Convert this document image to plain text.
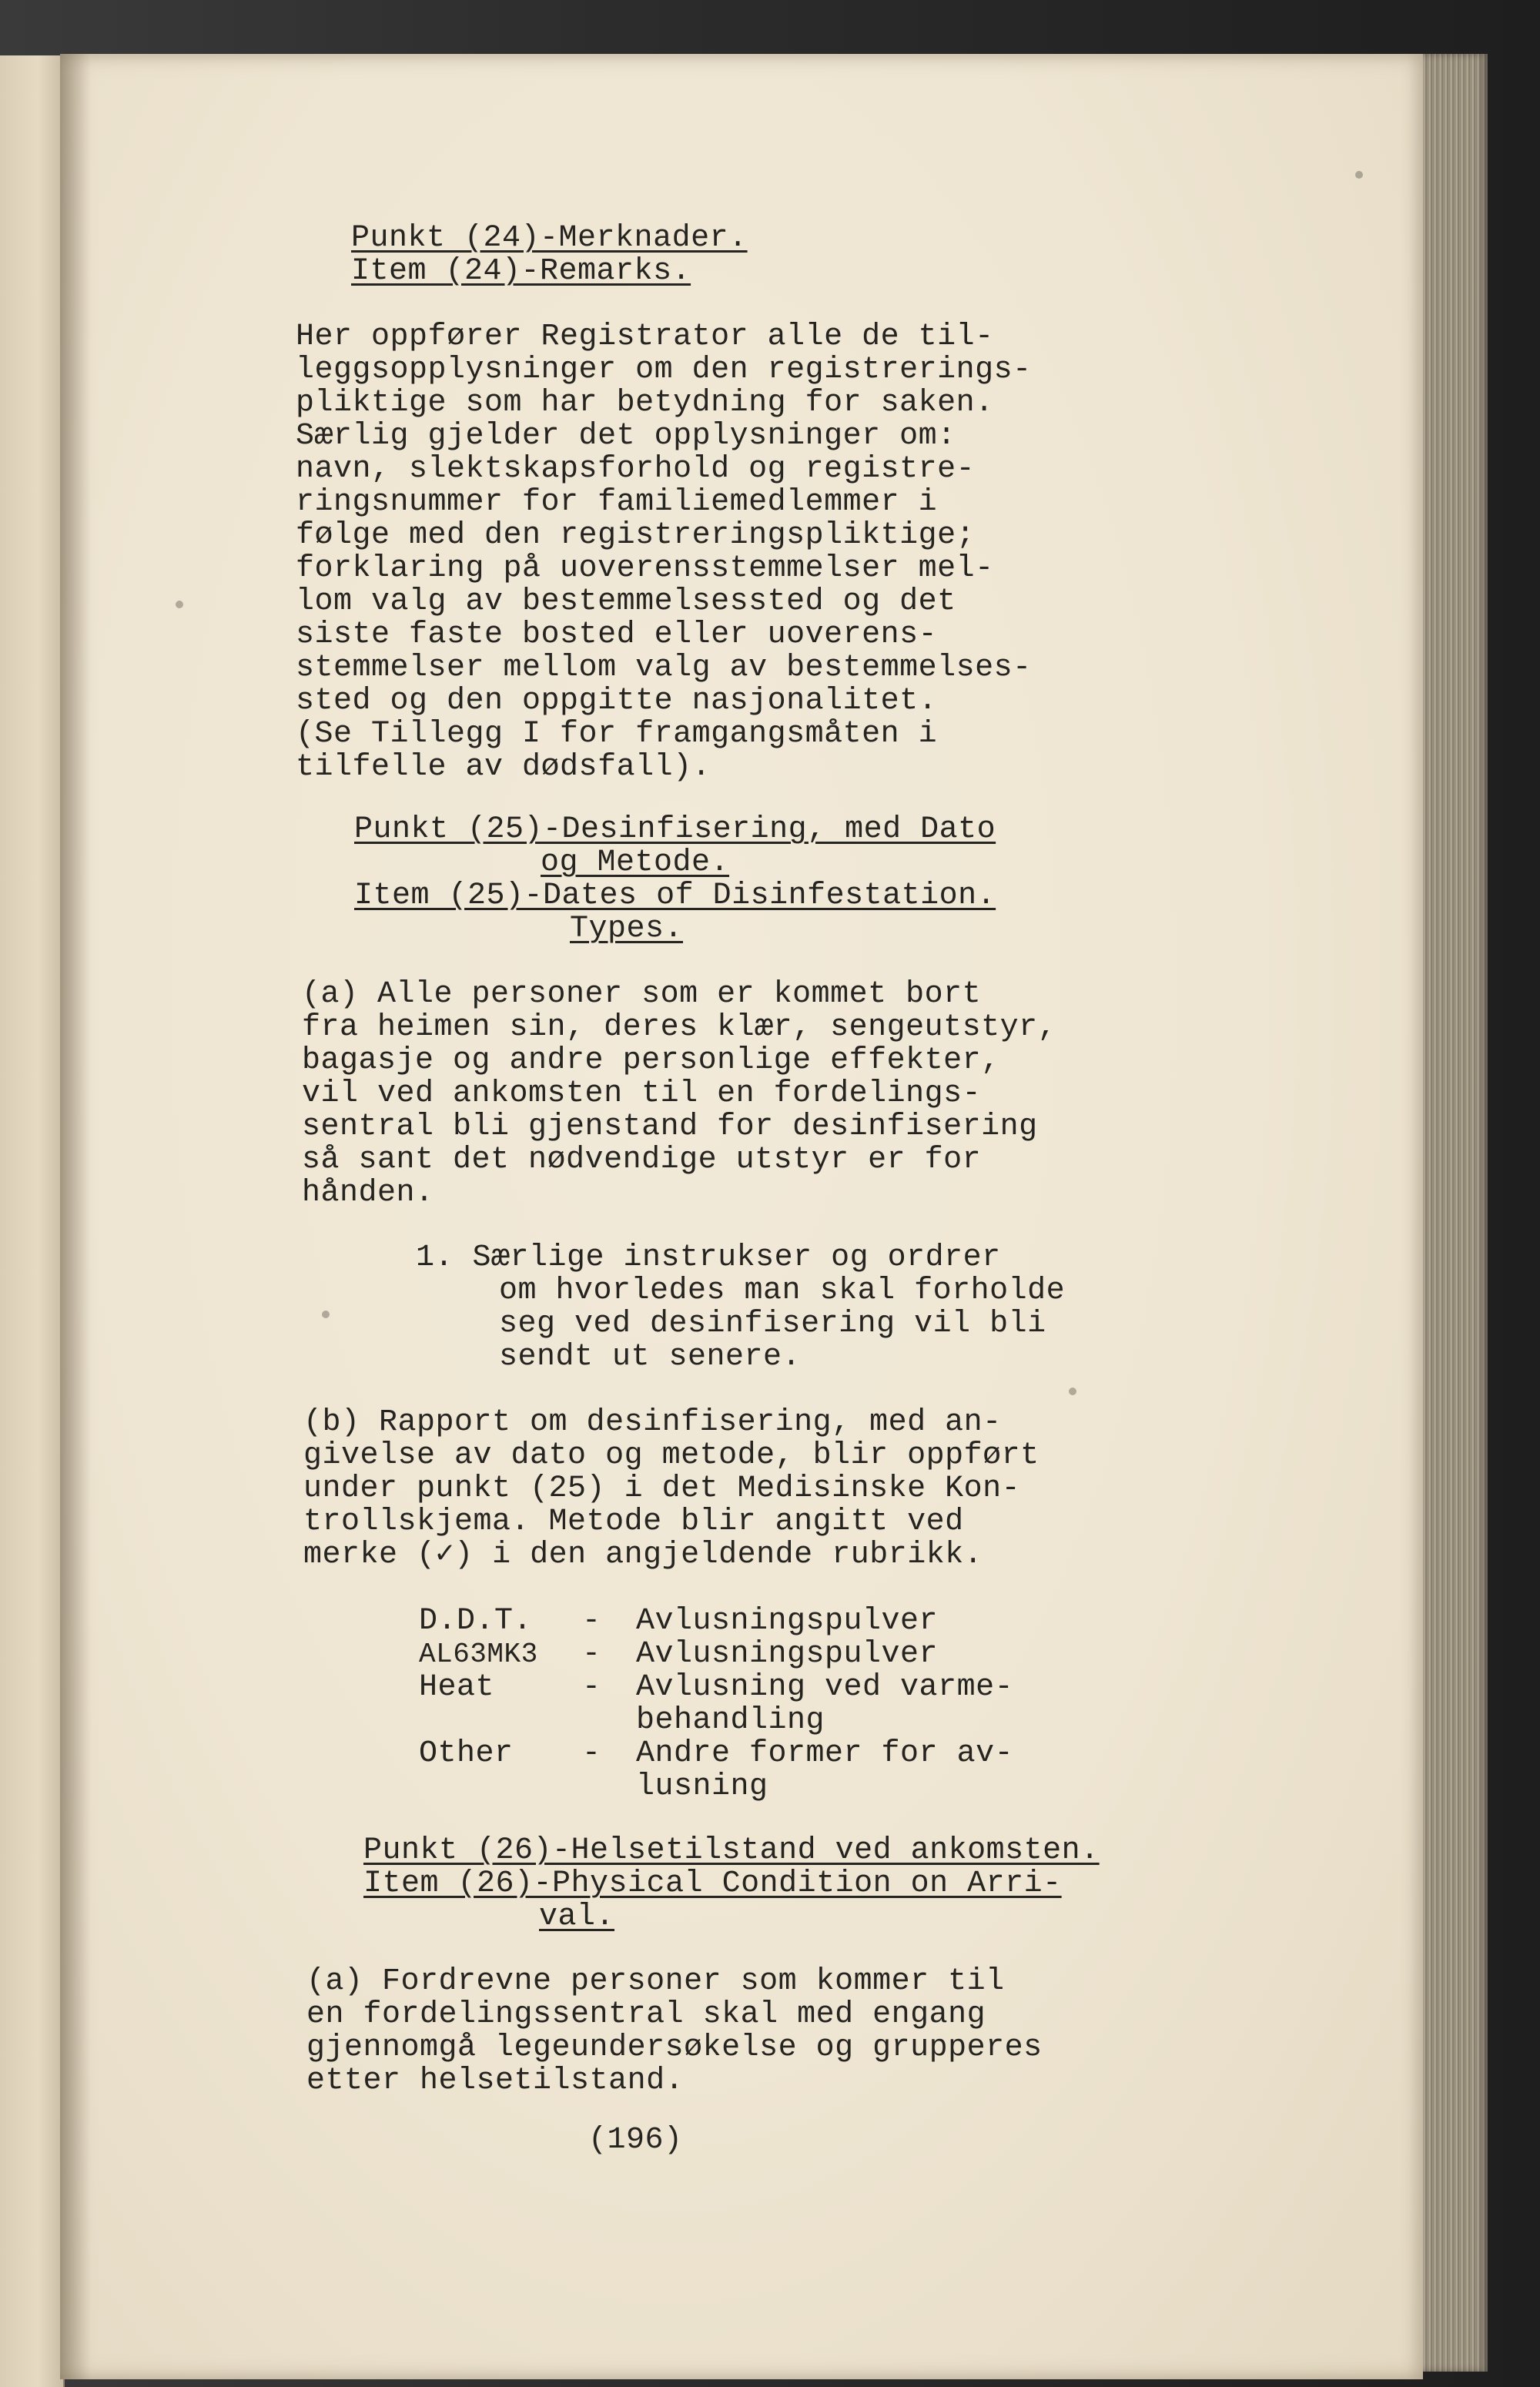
Punkt (24)-Merknader.
Item (24)-Remarks.
Her oppfører Registrator alle de til-
leggsopplysninger om den registrerings-
pliktige som har betydning for saken.
Særlig gjelder det opplysninger om:
navn, slektskapsforhold og registre-
ringsnummer for familiemedlemmer i
følge med den registreringspliktige;
forklaring på uoverensstemmelser mel-
lom valg av bestemmelsessted og det
siste faste bosted eller uoverens-
stemmelser mellom valg av bestemmelses-
sted og den oppgitte nasjonalitet.
(Se Tillegg I for framgangsmåten i
tilfelle av dødsfall).
Punkt (25)-Desinfisering, med Dato
og Metode.
Item (25)-Dates of Disinfestation.
Types.
(a) Alle personer som er kommet bort
fra heimen sin, deres klær, sengeutstyr,
bagasje og andre personlige effekter,
vil ved ankomsten til en fordelings-
sentral bli gjenstand for desinfisering
så sant det nødvendige utstyr er for
hånden.
1. Særlige instrukser og ordrer
om hvorledes man skal forholde
seg ved desinfisering vil bli
sendt ut senere.
(b) Rapport om desinfisering, med an-
givelse av dato og metode, blir oppført
under punkt (25) i det Medisinske Kon-
trollskjema. Metode blir angitt ved
merke (✓) i den angjeldende rubrikk.
D.D.T. - Avlusningspulver
AL63MK3 - Avlusningspulver
Heat	- Avlusning ved varme-
behandling
Other - Andre former for av-
lusning
Punkt (26)-Helsetilstand ved ankomsten.
Item (26)-Physical Condition on Arri-
val.
(a) Fordrevne personer som kommer til
en fordelingssentral skal med engang
gjennomgå legeundersøkelse og grupperes
etter helsetilstand.
(196)
